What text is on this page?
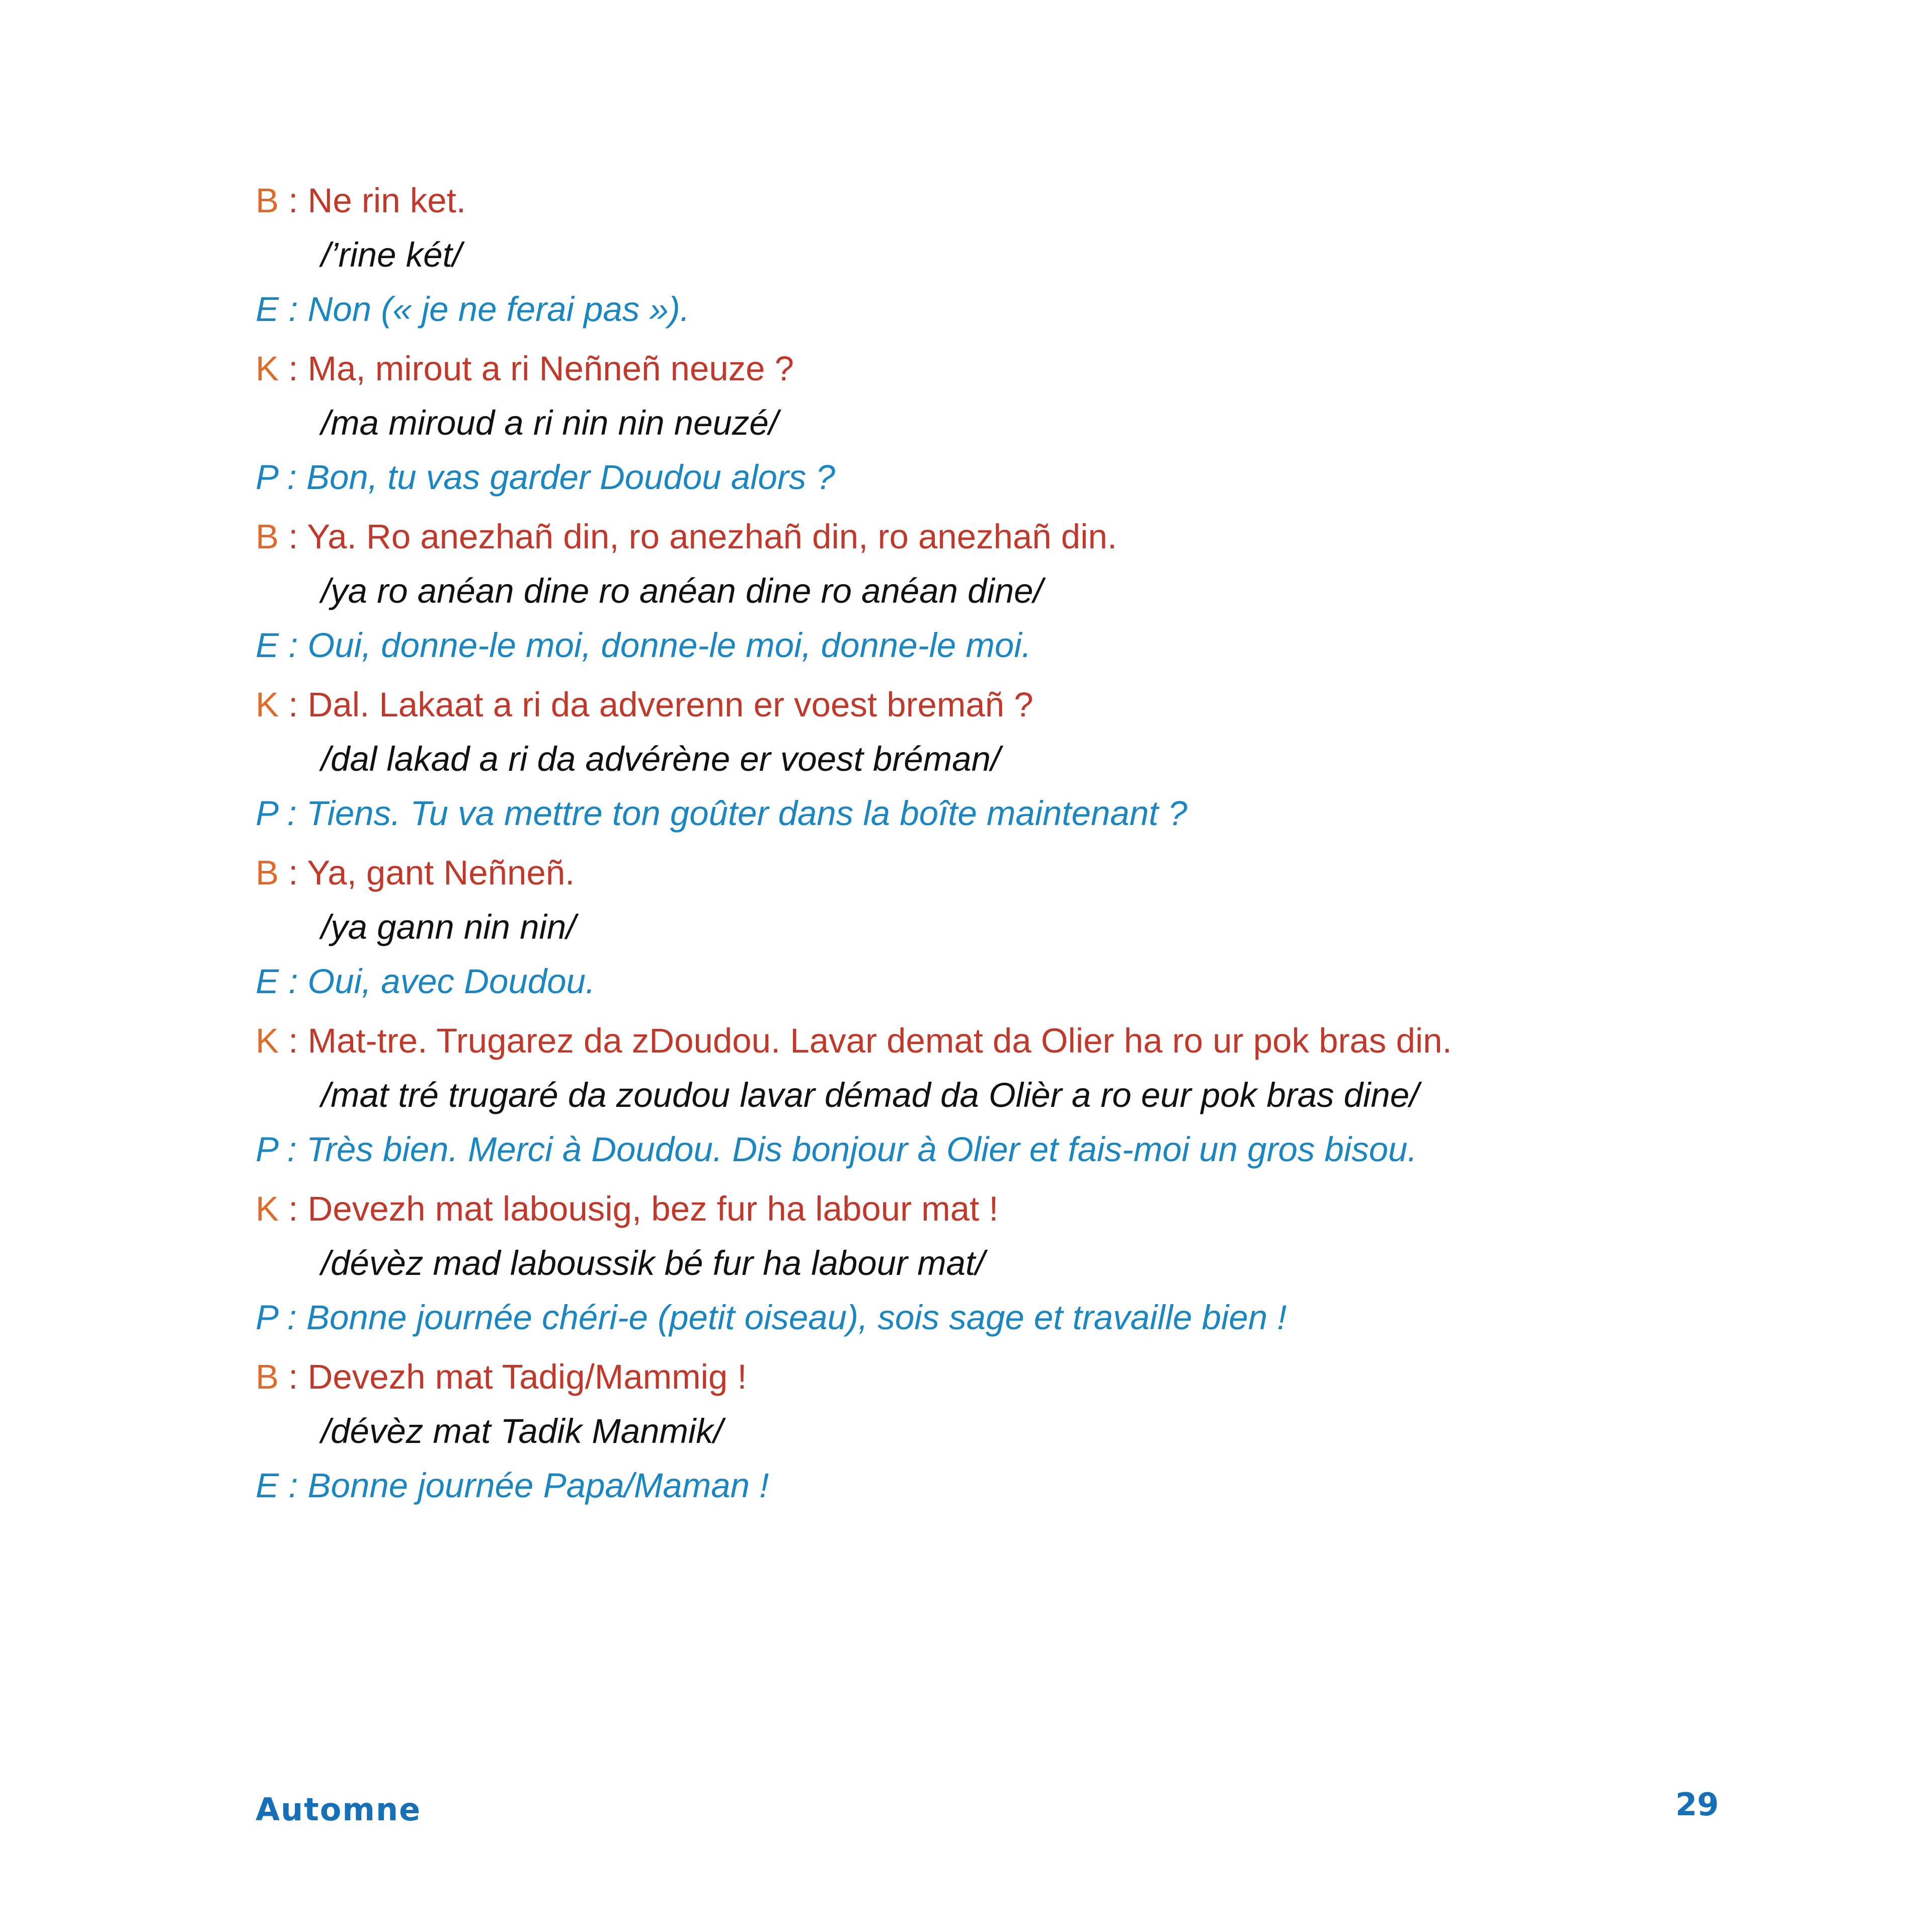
B : Ne rin ket.
/’rine két/
E : Non (« je ne ferai pas »).
K : Ma, mirout a ri Neñneñ neuze ?
/ma miroud a ri nin nin neuzé/
P : Bon, tu vas garder Doudou alors ?
B : Ya. Ro anezhañ din, ro anezhañ din, ro anezhañ din.
/ya ro anéan dine ro anéan dine ro anéan dine/
E : Oui, donne-le moi, donne-le moi, donne-le moi.
K : Dal. Lakaat a ri da adverenn er voest bremañ ?
/dal lakad a ri da advérène er voest bréman/
P : Tiens. Tu va mettre ton goûter dans la boîte maintenant ?
B : Ya, gant Neñneñ.
/ya gann nin nin/
E : Oui, avec Doudou.
K : Mat-tre. Trugarez da zDoudou. Lavar demat da Olier ha ro ur pok bras din.
/mat tré trugaré da zoudou lavar démad da Olièr a ro eur pok bras dine/
P : Très bien. Merci à Doudou. Dis bonjour à Olier et fais-moi un gros bisou.
K : Devezh mat labousig, bez fur ha labour mat !
/dévèz mad laboussik bé fur ha labour mat/
P : Bonne journée chéri-e (petit oiseau), sois sage et travaille bien !
B : Devezh mat Tadig/Mammig !
/dévèz mat Tadik Manmik/
E : Bonne journée Papa/Maman !
Automne	29
